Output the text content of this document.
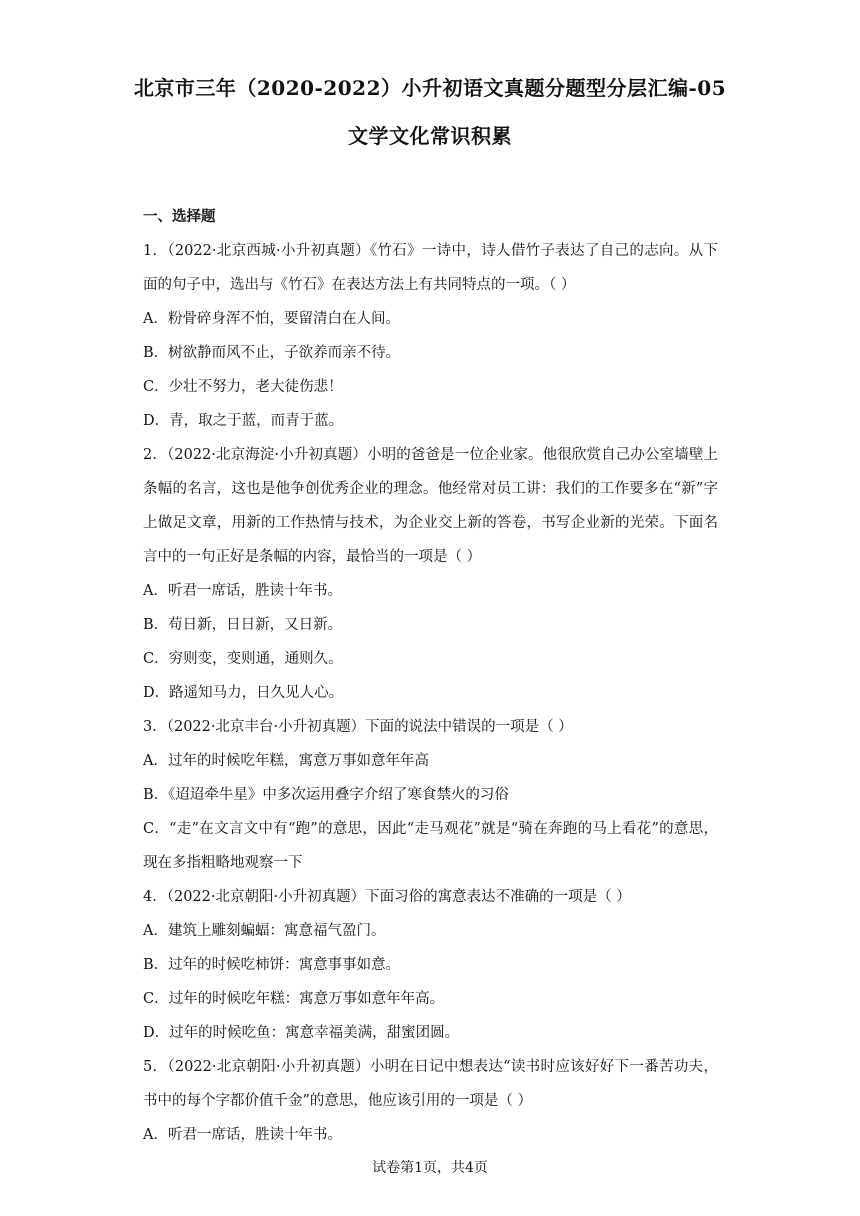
北京市三年（2020-2022）小升初语文真题分题型分层汇编-05
文学文化常识积累
一、选择题
1．（2022·北京西城·小升初真题）《竹石》一诗中，诗人借竹子表达了自己的志向。从下面的句子中，选出与《竹石》在表达方法上有共同特点的一项。（ ）
A．粉骨碎身浑不怕，要留清白在人间。
B．树欲静而风不止，子欲养而亲不待。
C．少壮不努力，老大徒伤悲！
D．青，取之于蓝，而青于蓝。
2．（2022·北京海淀·小升初真题）小明的爸爸是一位企业家。他很欣赏自己办公室墙壁上条幅的名言，这也是他争创优秀企业的理念。他经常对员工讲：我们的工作要多在“新”字上做足文章，用新的工作热情与技术，为企业交上新的答卷，书写企业新的光荣。下面名言中的一句正好是条幅的内容，最恰当的一项是（ ）
A．听君一席话，胜读十年书。
B．苟日新，日日新，又日新。
C．穷则变，变则通，通则久。
D．路遥知马力，日久见人心。
3．（2022·北京丰台·小升初真题）下面的说法中错误的一项是（ ）
A．过年的时候吃年糕，寓意万事如意年年高
B．《迢迢牵牛星》中多次运用叠字介绍了寒食禁火的习俗
C．“走”在文言文中有“跑”的意思，因此“走马观花”就是“骑在奔跑的马上看花”的意思，现在多指粗略地观察一下
4．（2022·北京朝阳·小升初真题）下面习俗的寓意表达不准确的一项是（ ）
A．建筑上雕刻蝙蝠：寓意福气盈门。
B．过年的时候吃柿饼：寓意事事如意。
C．过年的时候吃年糕：寓意万事如意年年高。
D．过年的时候吃鱼：寓意幸福美满，甜蜜团圆。
5．（2022·北京朝阳·小升初真题）小明在日记中想表达“读书时应该好好下一番苦功夫，书中的每个字都价值千金”的意思，他应该引用的一项是（ ）
A．听君一席话，胜读十年书。
试卷第1页，共4页
